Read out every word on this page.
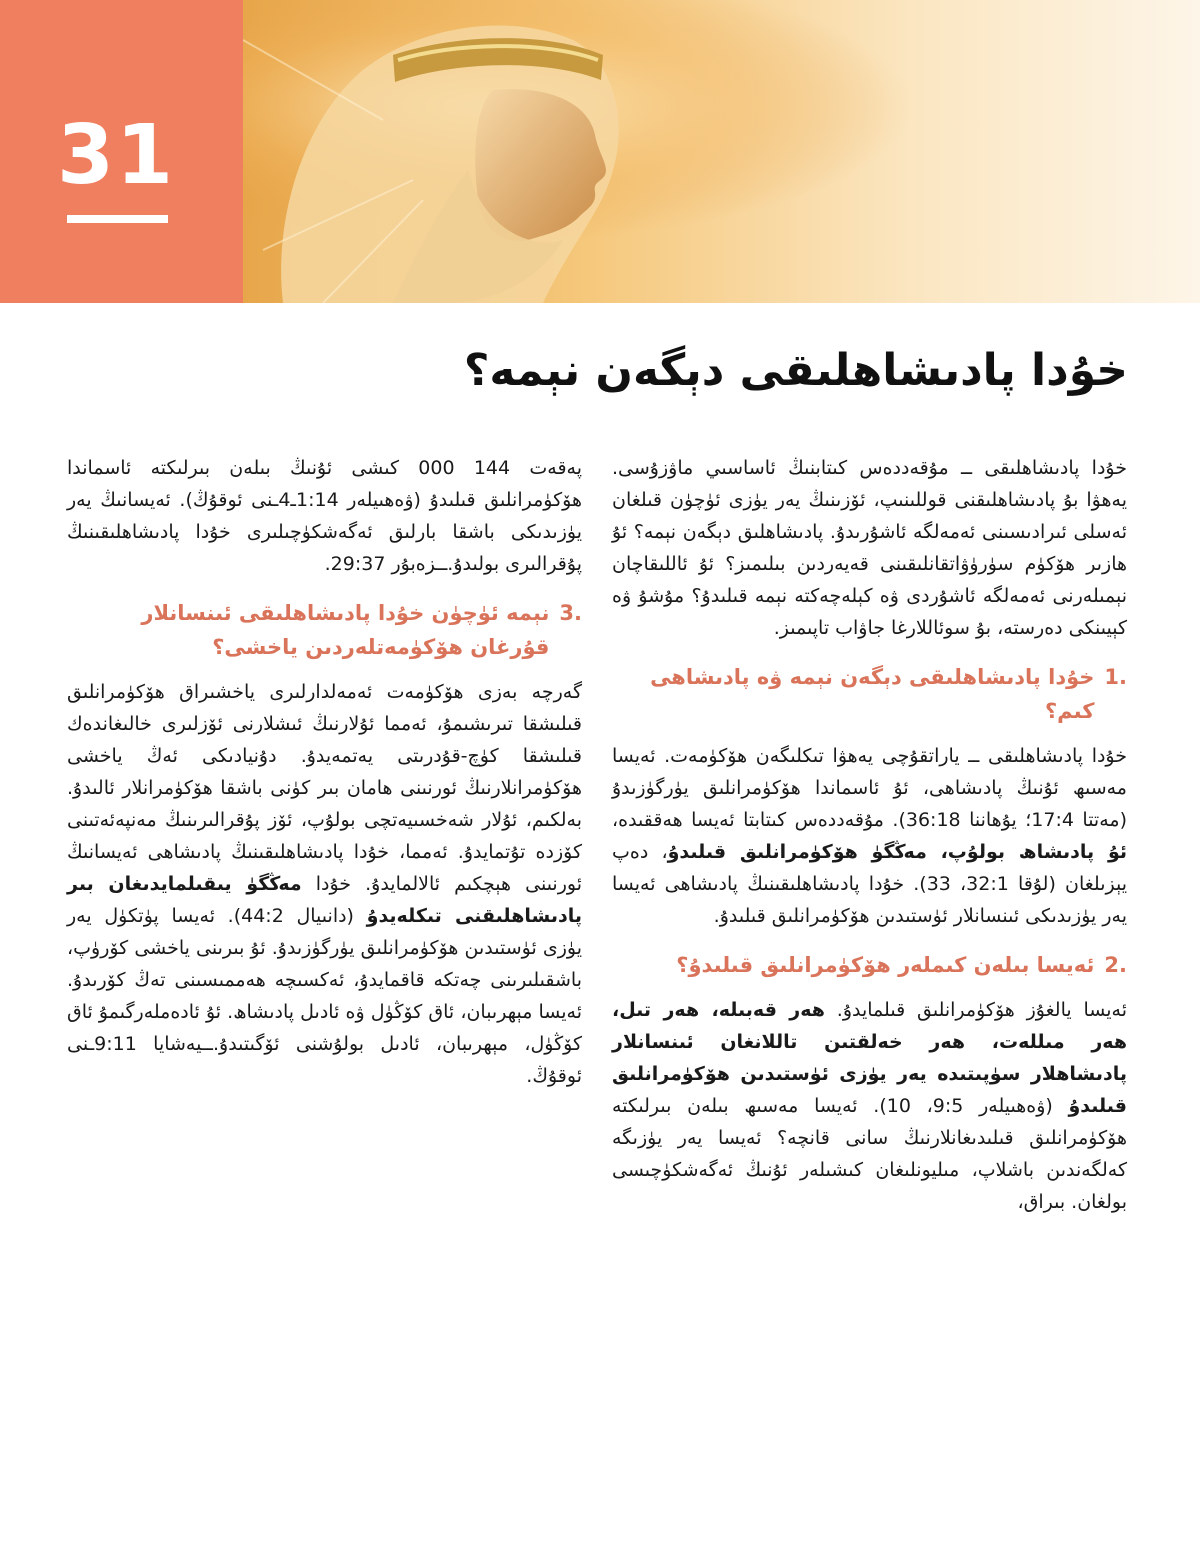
31
خۇدا پادىشاھلىقى دېگەن نېمە؟

خۇدا پادىشاھلىقى ــ مۇقەددەس كىتابنىڭ ئاساسىي ماۋزۇسى. يەھۋا بۇ پادىشاھلىقنى قوللىنىپ، ئۆزىنىڭ يەر يۈزى ئۈچۈن قىلغان ئەسلى ئىرادىسىنى ئەمەلگە ئاشۇرىدۇ. پادىشاھلىق دېگەن نېمە؟ ئۇ ھازىر ھۆكۈم سۈرۈۋاتقانلىقىنى قەيەردىن بىلىمىز؟ ئۇ ئاللىقاچان نېمىلەرنى ئەمەلگە ئاشۇردى ۋە كېلەچەكتە نېمە قىلىدۇ؟ مۇشۇ ۋە كېيىنكى دەرستە، بۇ سوئاللارغا جاۋاب تاپىمىز.

1.
خۇدا پادىشاھلىقى دېگەن نېمە ۋە پادىشاھى كىم؟

خۇدا پادىشاھلىقى ــ ياراتقۇچى يەھۋا تىكلىگەن ھۆكۈمەت. ئەيسا مەسىھ ئۇنىڭ پادىشاھى، ئۇ ئاسماندا ھۆكۈمرانلىق يۈرگۈزىدۇ (مەتتا 17:4؛ يۇھاننا 36:18). مۇقەددەس كىتابتا ئەيسا ھەققىدە، ئۇ پادىشاھ بولۇپ، مەڭگۈ ھۆكۈمرانلىق قىلىدۇ، دەپ يېزىلغان (لۇقا 32:1، 33). خۇدا پادىشاھلىقىنىڭ پادىشاھى ئەيسا يەر يۈزىدىكى ئىنسانلار ئۈستىدىن ھۆكۈمرانلىق قىلىدۇ.

2.
ئەيسا بىلەن كىملەر ھۆكۈمرانلىق قىلىدۇ؟

ئەيسا يالغۇز ھۆكۈمرانلىق قىلمايدۇ. ھەر قەبىلە، ھەر تىل، ھەر مىللەت، ھەر خەلقتىن تاللانغان ئىنسانلار پادىشاھلار سۈپىتىدە يەر يۈزى ئۈستىدىن ھۆكۈمرانلىق قىلىدۇ (ۋەھىيلەر 9:5، 10). ئەيسا مەسىھ بىلەن بىرلىكتە ھۆكۈمرانلىق قىلىدىغانلارنىڭ سانى قانچە؟ ئەيسا يەر يۈزىگە كەلگەندىن باشلاپ، مىليونلىغان كىشىلەر ئۇنىڭ ئەگەشكۈچىسى بولغان. بىراق،

پەقەت 144 000 كىشى ئۇنىڭ بىلەن بىرلىكتە ئاسماندا ھۆكۈمرانلىق قىلىدۇ (ۋەھىيلەر 1:14ـ4ـنى ئوقۇڭ). ئەيسانىڭ يەر يۈزىدىكى باشقا بارلىق ئەگەشكۈچىلىرى خۇدا پادىشاھلىقىنىڭ پۇقرالىرى بولىدۇ.ــزەبۇر 29:37.

3.
نېمە ئۈچۈن خۇدا پادىشاھلىقى ئىنسانلار قۇرغان ھۆكۈمەتلەردىن ياخشى؟

گەرچە بەزى ھۆكۈمەت ئەمەلدارلىرى ياخشىراق ھۆكۈمرانلىق قىلىشقا تىرىشىمۇ، ئەمما ئۇلارنىڭ ئىشلارنى ئۆزلىرى خالىغاندەك قىلىشقا كۈچ-قۇدرىتى يەتمەيدۇ. دۇنيادىكى ئەڭ ياخشى ھۆكۈمرانلارنىڭ ئورنىنى ھامان بىر كۈنى باشقا ھۆكۈمرانلار ئالىدۇ. بەلكىم، ئۇلار شەخسىيەتچى بولۇپ، ئۆز پۇقرالىرىنىڭ مەنپەئەتىنى كۆزدە تۇتمايدۇ. ئەمما، خۇدا پادىشاھلىقىنىڭ پادىشاھى ئەيسانىڭ ئورنىنى ھېچكىم ئالالمايدۇ. خۇدا مەڭگۈ يىقىلمايدىغان بىر پادىشاھلىقنى تىكلەيدۇ (دانىيال 44:2). ئەيسا پۈتكۈل يەر يۈزى ئۈستىدىن ھۆكۈمرانلىق يۈرگۈزىدۇ. ئۇ بىرىنى ياخشى كۆرۈپ، باشقىلىرىنى چەتكە قاقمايدۇ، ئەكسىچە ھەممىسىنى تەڭ كۆرىدۇ. ئەيسا مېھرىبان، ئاق كۆڭۈل ۋە ئادىل پادىشاھ. ئۇ ئادەملەرگىمۇ ئاق كۆڭۈل، مېھرىبان، ئادىل بولۇشنى ئۆگىتىدۇ.ــيەشايا 9:11ـنى ئوقۇڭ.
